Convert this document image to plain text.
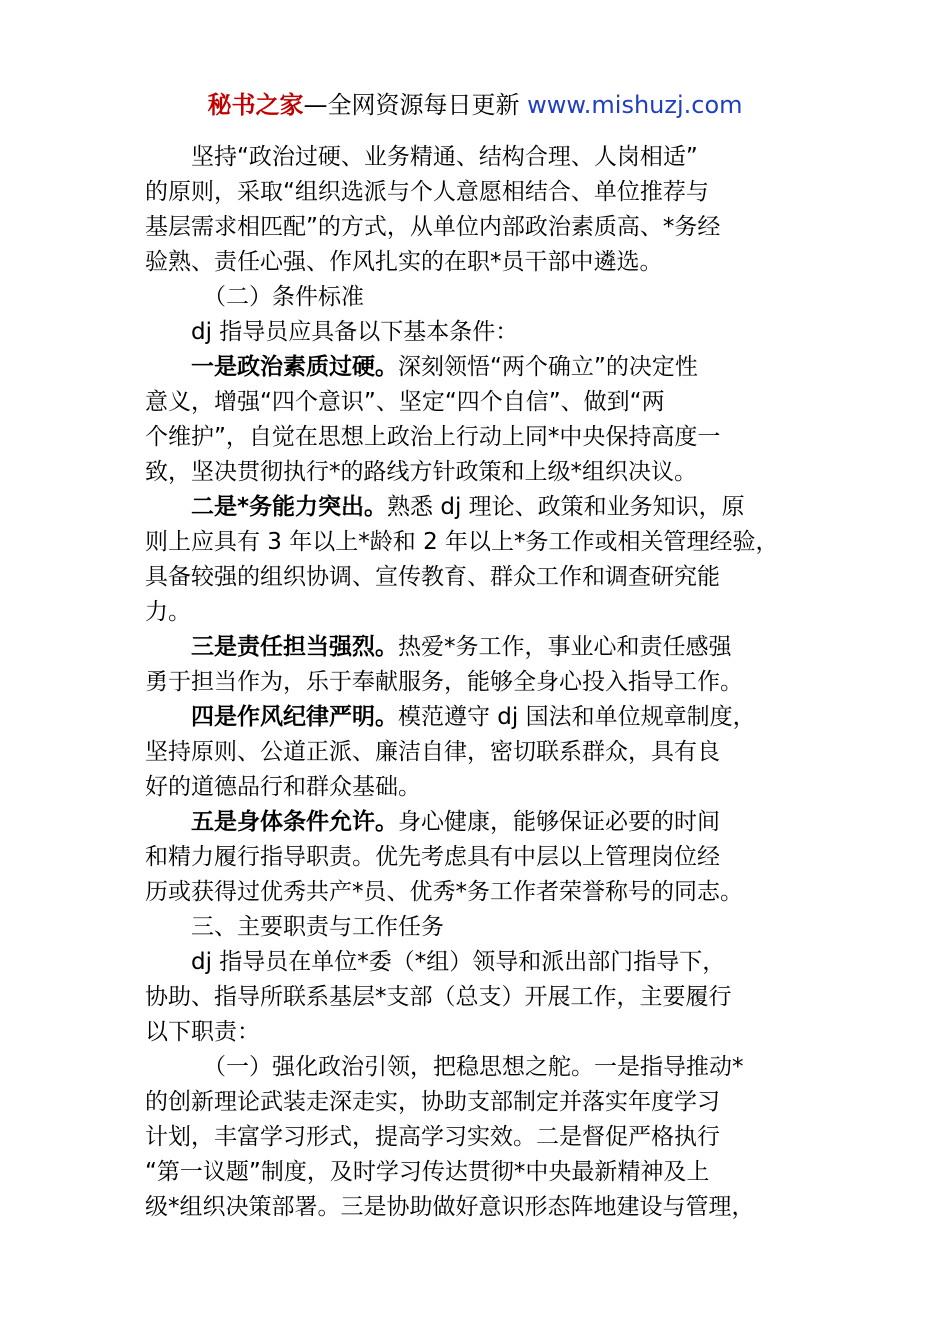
秘书之家—全网资源每日更新 www.mishuzj.com
坚持“政治过硬、业务精通、结构合理、人岗相适”
的原则，采取“组织选派与个人意愿相结合、单位推荐与
基层需求相匹配”的方式，从单位内部政治素质高、*务经
验熟、责任心强、作风扎实的在职*员干部中遴选。
（二）条件标准
dj 指导员应具备以下基本条件：
一是政治素质过硬。深刻领悟“两个确立”的决定性
意义，增强“四个意识”、坚定“四个自信”、做到“两
个维护”，自觉在思想上政治上行动上同*中央保持高度一
致，坚决贯彻执行*的路线方针政策和上级*组织决议。
二是*务能力突出。熟悉 dj 理论、政策和业务知识，原
则上应具有 3 年以上*龄和 2 年以上*务工作或相关管理经验，
具备较强的组织协调、宣传教育、群众工作和调查研究能
力。
三是责任担当强烈。热爱*务工作，事业心和责任感强
勇于担当作为，乐于奉献服务，能够全身心投入指导工作。
四是作风纪律严明。模范遵守 dj 国法和单位规章制度，
坚持原则、公道正派、廉洁自律，密切联系群众，具有良
好的道德品行和群众基础。
五是身体条件允许。身心健康，能够保证必要的时间
和精力履行指导职责。优先考虑具有中层以上管理岗位经
历或获得过优秀共产*员、优秀*务工作者荣誉称号的同志。
三、主要职责与工作任务
dj 指导员在单位*委（*组）领导和派出部门指导下，
协助、指导所联系基层*支部（总支）开展工作，主要履行
以下职责：
（一）强化政治引领，把稳思想之舵。一是指导推动*
的创新理论武装走深走实，协助支部制定并落实年度学习
计划，丰富学习形式，提高学习实效。二是督促严格执行
“第一议题”制度，及时学习传达贯彻*中央最新精神及上
级*组织决策部署。三是协助做好意识形态阵地建设与管理，
